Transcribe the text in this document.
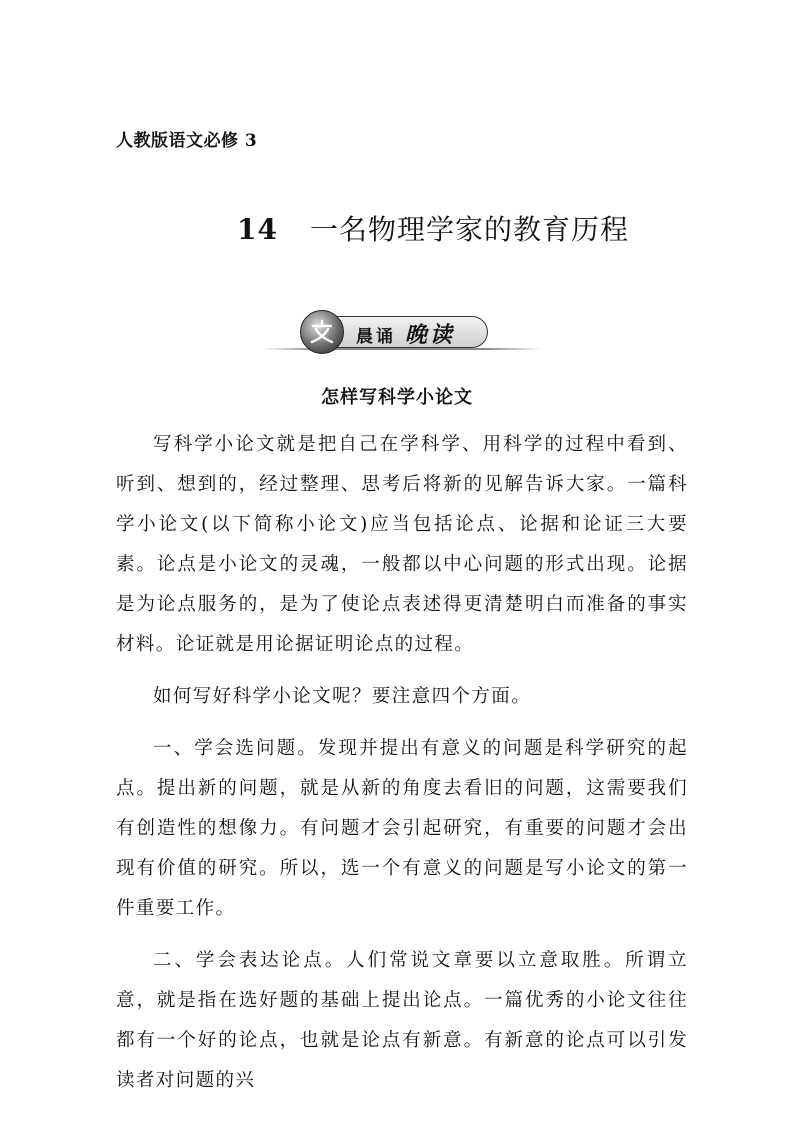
人教版语文必修 3
14 一名物理学家的教育历程
晨诵 晚读
怎样写科学小论文

写科学小论文就是把自己在学科学、用科学的过程中看到、听到、想到的，经过整理、思考后将新的见解告诉大家。一篇科学小论文(以下简称小论文)应当包括论点、论据和论证三大要素。论点是小论文的灵魂，一般都以中心问题的形式出现。论据是为论点服务的，是为了使论点表述得更清楚明白而准备的事实材料。论证就是用论据证明论点的过程。

如何写好科学小论文呢？要注意四个方面。

一、学会选问题。发现并提出有意义的问题是科学研究的起点。提出新的问题，就是从新的角度去看旧的问题，这需要我们有创造性的想像力。有问题才会引起研究，有重要的问题才会出现有价值的研究。所以，选一个有意义的问题是写小论文的第一件重要工作。

二、学会表达论点。人们常说文章要以立意取胜。所谓立意，就是指在选好题的基础上提出论点。一篇优秀的小论文往往都有一个好的论点，也就是论点有新意。有新意的论点可以引发读者对问题的兴
